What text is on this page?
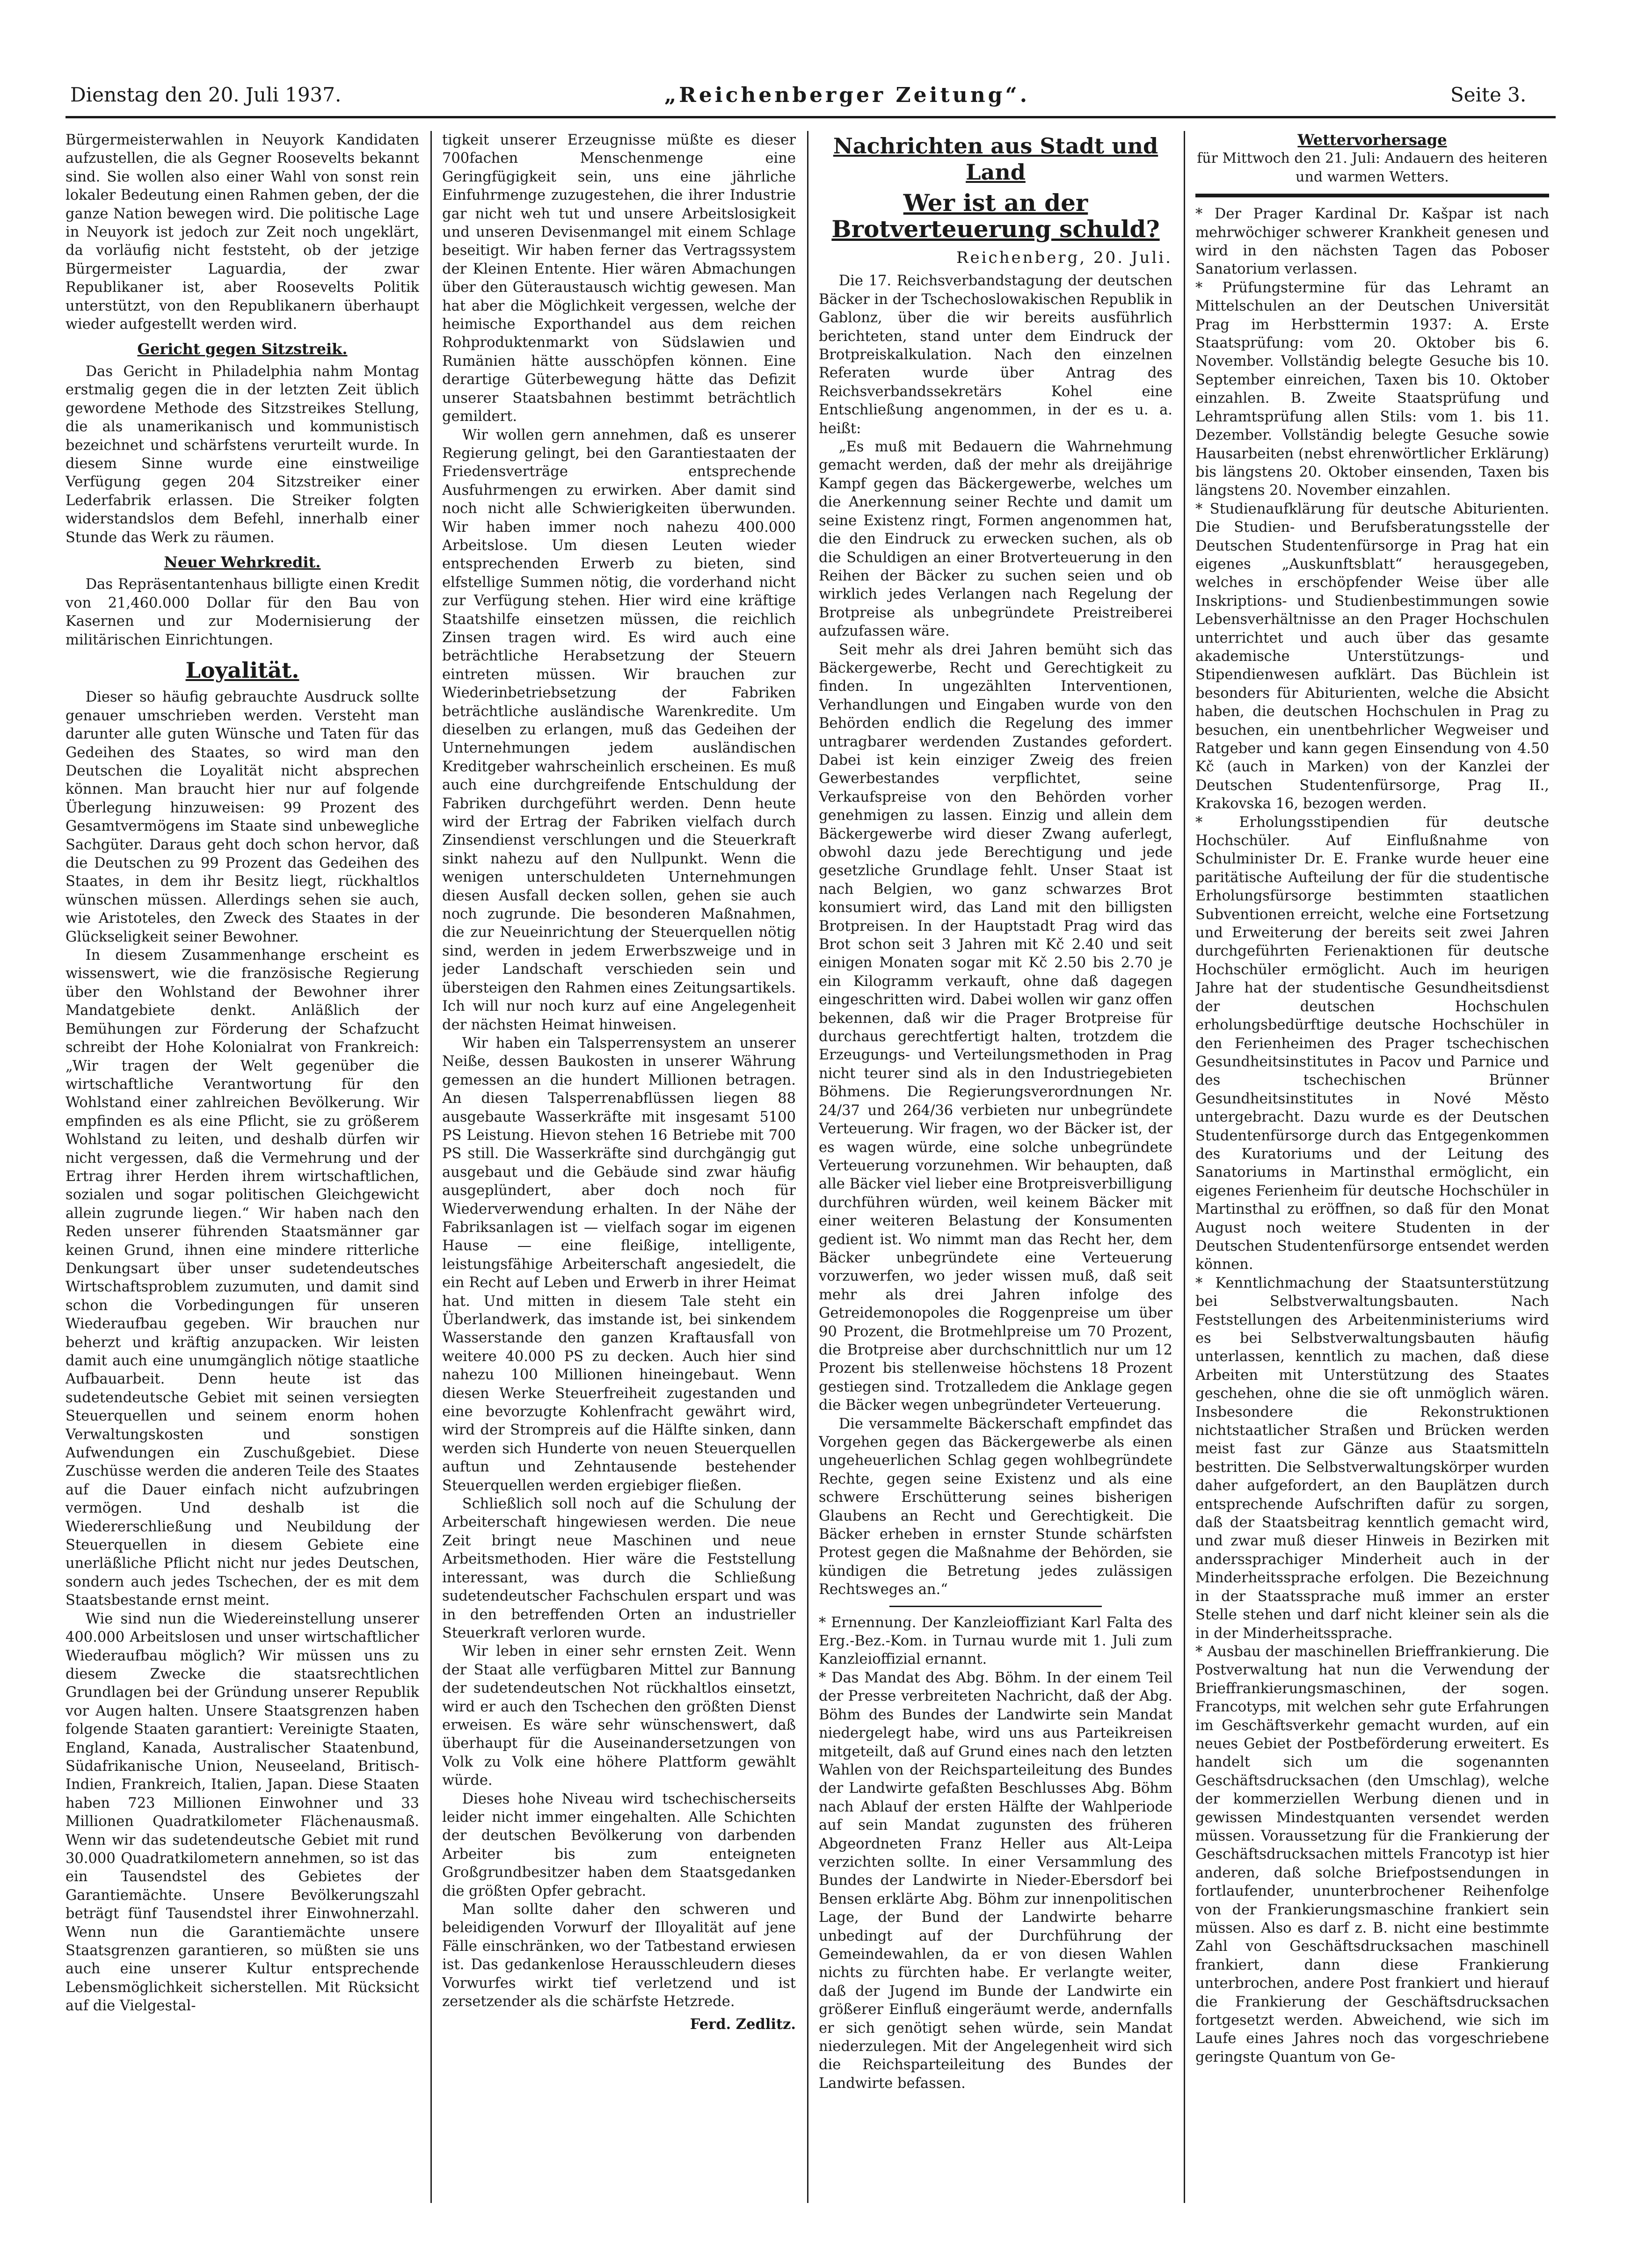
Dienstag den 20. Juli 1937.	„Reichenberger Zeitung“.	Seite 3.

Bürgermeisterwahlen in Neuyork Kandidaten aufzustellen, die als Gegner Roosevelts bekannt sind. Sie wollen also einer Wahl von sonst rein lokaler Bedeutung einen Rahmen geben, der die ganze Nation bewegen wird. Die politische Lage in Neuyork ist jedoch zur Zeit noch ungeklärt, da vorläufig nicht feststeht, ob der jetzige Bürgermeister Laguardia, der zwar Republikaner ist, aber Roosevelts Politik unterstützt, von den Republikanern überhaupt wieder aufgestellt werden wird.

Gericht gegen Sitzstreik.

Das Gericht in Philadelphia nahm Montag erstmalig gegen die in der letzten Zeit üblich gewordene Methode des Sitzstreikes Stellung, die als unamerikanisch und kommunistisch bezeichnet und schärfstens verurteilt wurde. In diesem Sinne wurde eine einstweilige Verfügung gegen 204 Sitzstreiker einer Lederfabrik erlassen. Die Streiker folgten widerstandslos dem Befehl, innerhalb einer Stunde das Werk zu räumen.

Neuer Wehrkredit.

Das Repräsentantenhaus billigte einen Kredit von 21,460.000 Dollar für den Bau von Kasernen und zur Modernisierung der militärischen Einrichtungen.

Loyalität.

Dieser so häufig gebrauchte Ausdruck sollte genauer umschrieben werden. Versteht man darunter alle guten Wünsche und Taten für das Gedeihen des Staates, so wird man den Deutschen die Loyalität nicht absprechen können. Man braucht hier nur auf folgende Überlegung hinzuweisen: 99 Prozent des Gesamtvermögens im Staate sind unbewegliche Sachgüter. Daraus geht doch schon hervor, daß die Deutschen zu 99 Prozent das Gedeihen des Staates, in dem ihr Besitz liegt, rückhaltlos wünschen müssen. Allerdings sehen sie auch, wie Aristoteles, den Zweck des Staates in der Glückseligkeit seiner Bewohner.

In diesem Zusammenhange erscheint es wissenswert, wie die französische Regierung über den Wohlstand der Bewohner ihrer Mandatgebiete denkt. Anläßlich der Bemühungen zur Förderung der Schafzucht schreibt der Hohe Kolonialrat von Frankreich: „Wir tragen der Welt gegenüber die wirtschaftliche Verantwortung für den Wohlstand einer zahlreichen Bevölkerung. Wir empfinden es als eine Pflicht, sie zu größerem Wohlstand zu leiten, und deshalb dürfen wir nicht vergessen, daß die Vermehrung und der Ertrag ihrer Herden ihrem wirtschaftlichen, sozialen und sogar politischen Gleichgewicht allein zugrunde liegen.“ Wir haben nach den Reden unserer führenden Staatsmänner gar keinen Grund, ihnen eine mindere ritterliche Denkungsart über unser sudetendeutsches Wirtschaftsproblem zuzumuten, und damit sind schon die Vorbedingungen für unseren Wiederaufbau gegeben. Wir brauchen nur beherzt und kräftig anzupacken. Wir leisten damit auch eine unumgänglich nötige staatliche Aufbauarbeit. Denn heute ist das sudetendeutsche Gebiet mit seinen versiegten Steuerquellen und seinem enorm hohen Verwaltungskosten und sonstigen Aufwendungen ein Zuschußgebiet. Diese Zuschüsse werden die anderen Teile des Staates auf die Dauer einfach nicht aufzubringen vermögen. Und deshalb ist die Wiedererschließung und Neubildung der Steuerquellen in diesem Gebiete eine unerläßliche Pflicht nicht nur jedes Deutschen, sondern auch jedes Tschechen, der es mit dem Staatsbestande ernst meint.

Wie sind nun die Wiedereinstellung unserer 400.000 Arbeitslosen und unser wirtschaftlicher Wiederaufbau möglich? Wir müssen uns zu diesem Zwecke die staatsrechtlichen Grundlagen bei der Gründung unserer Republik vor Augen halten. Unsere Staatsgrenzen haben folgende Staaten garantiert: Vereinigte Staaten, England, Kanada, Australischer Staatenbund, Südafrikanische Union, Neuseeland, Britisch-Indien, Frankreich, Italien, Japan. Diese Staaten haben 723 Millionen Einwohner und 33 Millionen Quadratkilometer Flächenausmaß. Wenn wir das sudetendeutsche Gebiet mit rund 30.000 Quadratkilometern annehmen, so ist das ein Tausendstel des Gebietes der Garantiemächte. Unsere Bevölkerungszahl beträgt fünf Tausendstel ihrer Einwohnerzahl. Wenn nun die Garantiemächte unsere Staatsgrenzen garantieren, so müßten sie uns auch eine unserer Kultur entsprechende Lebensmöglichkeit sicherstellen. Mit Rücksicht auf die Vielgestal-

tigkeit unserer Erzeugnisse müßte es dieser 700fachen Menschenmenge eine Geringfügigkeit sein, uns eine jährliche Einfuhrmenge zuzugestehen, die ihrer Industrie gar nicht weh tut und unsere Arbeitslosigkeit und unseren Devisenmangel mit einem Schlage beseitigt. Wir haben ferner das Vertragssystem der Kleinen Entente. Hier wären Abmachungen über den Güteraustausch wichtig gewesen. Man hat aber die Möglichkeit vergessen, welche der heimische Exporthandel aus dem reichen Rohproduktenmarkt von Südslawien und Rumänien hätte ausschöpfen können. Eine derartige Güterbewegung hätte das Defizit unserer Staatsbahnen bestimmt beträchtlich gemildert.

Wir wollen gern annehmen, daß es unserer Regierung gelingt, bei den Garantiestaaten der Friedensverträge entsprechende Ausfuhrmengen zu erwirken. Aber damit sind noch nicht alle Schwierigkeiten überwunden. Wir haben immer noch nahezu 400.000 Arbeitslose. Um diesen Leuten wieder entsprechenden Erwerb zu bieten, sind elfstellige Summen nötig, die vorderhand nicht zur Verfügung stehen. Hier wird eine kräftige Staatshilfe einsetzen müssen, die reichlich Zinsen tragen wird. Es wird auch eine beträchtliche Herabsetzung der Steuern eintreten müssen. Wir brauchen zur Wiederinbetriebsetzung der Fabriken beträchtliche ausländische Warenkredite. Um dieselben zu erlangen, muß das Gedeihen der Unternehmungen jedem ausländischen Kreditgeber wahrscheinlich erscheinen. Es muß auch eine durchgreifende Entschuldung der Fabriken durchgeführt werden. Denn heute wird der Ertrag der Fabriken vielfach durch Zinsendienst verschlungen und die Steuerkraft sinkt nahezu auf den Nullpunkt. Wenn die wenigen unterschuldeten Unternehmungen diesen Ausfall decken sollen, gehen sie auch noch zugrunde. Die besonderen Maßnahmen, die zur Neueinrichtung der Steuerquellen nötig sind, werden in jedem Erwerbszweige und in jeder Landschaft verschieden sein und übersteigen den Rahmen eines Zeitungsartikels. Ich will nur noch kurz auf eine Angelegenheit der nächsten Heimat hinweisen.

Wir haben ein Talsperrensystem an unserer Neiße, dessen Baukosten in unserer Währung gemessen an die hundert Millionen betragen. An diesen Talsperrenabflüssen liegen 88 ausgebaute Wasserkräfte mit insgesamt 5100 PS Leistung. Hievon stehen 16 Betriebe mit 700 PS still. Die Wasserkräfte sind durchgängig gut ausgebaut und die Gebäude sind zwar häufig ausgeplündert, aber doch noch für Wiederverwendung erhalten. In der Nähe der Fabriksanlagen ist — vielfach sogar im eigenen Hause — eine fleißige, intelligente, leistungsfähige Arbeiterschaft angesiedelt, die ein Recht auf Leben und Erwerb in ihrer Heimat hat. Und mitten in diesem Tale steht ein Überlandwerk, das imstande ist, bei sinkendem Wasserstande den ganzen Kraftausfall von weitere 40.000 PS zu decken. Auch hier sind nahezu 100 Millionen hineingebaut. Wenn diesen Werke Steuerfreiheit zugestanden und eine bevorzugte Kohlenfracht gewährt wird, wird der Strompreis auf die Hälfte sinken, dann werden sich Hunderte von neuen Steuerquellen auftun und Zehntausende bestehender Steuerquellen werden ergiebiger fließen.

Schließlich soll noch auf die Schulung der Arbeiterschaft hingewiesen werden. Die neue Zeit bringt neue Maschinen und neue Arbeitsmethoden. Hier wäre die Feststellung interessant, was durch die Schließung sudetendeutscher Fachschulen erspart und was in den betreffenden Orten an industrieller Steuerkraft verloren wurde.

Wir leben in einer sehr ernsten Zeit. Wenn der Staat alle verfügbaren Mittel zur Bannung der sudetendeutschen Not rückhaltlos einsetzt, wird er auch den Tschechen den größten Dienst erweisen. Es wäre sehr wünschenswert, daß überhaupt für die Auseinandersetzungen von Volk zu Volk eine höhere Plattform gewählt würde.

Dieses hohe Niveau wird tschechischerseits leider nicht immer eingehalten. Alle Schichten der deutschen Bevölkerung von darbenden Arbeiter bis zum enteigneten Großgrundbesitzer haben dem Staatsgedanken die größten Opfer gebracht.

Man sollte daher den schweren und beleidigenden Vorwurf der Illoyalität auf jene Fälle einschränken, wo der Tatbestand erwiesen ist. Das gedankenlose Herausschleudern dieses Vorwurfes wirkt tief verletzend und ist zersetzender als die schärfste Hetzrede.

Ferd. Zedlitz.
Nachrichten aus Stadt und Land
Wer ist an der Brotverteuerung schuld?
Reichenberg, 20. Juli.

Die 17. Reichsverbandstagung der deutschen Bäcker in der Tschechoslowakischen Republik in Gablonz, über die wir bereits ausführlich berichteten, stand unter dem Eindruck der Brotpreiskalkulation. Nach den einzelnen Referaten wurde über Antrag des Reichsverbandssekretärs Kohel eine Entschließung angenommen, in der es u. a. heißt:

„Es muß mit Bedauern die Wahrnehmung gemacht werden, daß der mehr als dreijährige Kampf gegen das Bäckergewerbe, welches um die Anerkennung seiner Rechte und damit um seine Existenz ringt, Formen angenommen hat, die den Eindruck zu erwecken suchen, als ob die Schuldigen an einer Brotverteuerung in den Reihen der Bäcker zu suchen seien und ob wirklich jedes Verlangen nach Regelung der Brotpreise als unbegründete Preistreiberei aufzufassen wäre.

Seit mehr als drei Jahren bemüht sich das Bäckergewerbe, Recht und Gerechtigkeit zu finden. In ungezählten Interventionen, Verhandlungen und Eingaben wurde von den Behörden endlich die Regelung des immer untragbarer werdenden Zustandes gefordert. Dabei ist kein einziger Zweig des freien Gewerbestandes verpflichtet, seine Verkaufspreise von den Behörden vorher genehmigen zu lassen. Einzig und allein dem Bäckergewerbe wird dieser Zwang auferlegt, obwohl dazu jede Berechtigung und jede gesetzliche Grundlage fehlt. Unser Staat ist nach Belgien, wo ganz schwarzes Brot konsumiert wird, das Land mit den billigsten Brotpreisen. In der Hauptstadt Prag wird das Brot schon seit 3 Jahren mit Kč 2.40 und seit einigen Monaten sogar mit Kč 2.50 bis 2.70 je ein Kilogramm verkauft, ohne daß dagegen eingeschritten wird. Dabei wollen wir ganz offen bekennen, daß wir die Prager Brotpreise für durchaus gerechtfertigt halten, trotzdem die Erzeugungs- und Verteilungsmethoden in Prag nicht teurer sind als in den Industriegebieten Böhmens. Die Regierungsverordnungen Nr. 24/37 und 264/36 verbieten nur unbegründete Verteuerung. Wir fragen, wo der Bäcker ist, der es wagen würde, eine solche unbegründete Verteuerung vorzunehmen. Wir behaupten, daß alle Bäcker viel lieber eine Brotpreisverbilligung durchführen würden, weil keinem Bäcker mit einer weiteren Belastung der Konsumenten gedient ist. Wo nimmt man das Recht her, dem Bäcker unbegründete eine Verteuerung vorzuwerfen, wo jeder wissen muß, daß seit mehr als drei Jahren infolge des Getreidemonopoles die Roggenpreise um über 90 Prozent, die Brotmehlpreise um 70 Prozent, die Brotpreise aber durchschnittlich nur um 12 Prozent bis stellenweise höchstens 18 Prozent gestiegen sind. Trotzalledem die Anklage gegen die Bäcker wegen unbegründeter Verteuerung.

Die versammelte Bäckerschaft empfindet das Vorgehen gegen das Bäckergewerbe als einen ungeheuerlichen Schlag gegen wohlbegründete Rechte, gegen seine Existenz und als eine schwere Erschütterung seines bisherigen Glaubens an Recht und Gerechtigkeit. Die Bäcker erheben in ernster Stunde schärfsten Protest gegen die Maßnahme der Behörden, sie kündigen die Betretung jedes zulässigen Rechtsweges an.“

* Ernennung. Der Kanzleioffiziant Karl Falta des Erg.-Bez.-Kom. in Turnau wurde mit 1. Juli zum Kanzleioffizial ernannt.

* Das Mandat des Abg. Böhm. In der einem Teil der Presse verbreiteten Nachricht, daß der Abg. Böhm des Bundes der Landwirte sein Mandat niedergelegt habe, wird uns aus Parteikreisen mitgeteilt, daß auf Grund eines nach den letzten Wahlen von der Reichsparteileitung des Bundes der Landwirte gefaßten Beschlusses Abg. Böhm nach Ablauf der ersten Hälfte der Wahlperiode auf sein Mandat zugunsten des früheren Abgeordneten Franz Heller aus Alt-Leipa verzichten sollte. In einer Versammlung des Bundes der Landwirte in Nieder-Ebersdorf bei Bensen erklärte Abg. Böhm zur innenpolitischen Lage, der Bund der Landwirte beharre unbedingt auf der Durchführung der Gemeindewahlen, da er von diesen Wahlen nichts zu fürchten habe. Er verlangte weiter, daß der Jugend im Bunde der Landwirte ein größerer Einfluß eingeräumt werde, andernfalls er sich genötigt sehen würde, sein Mandat niederzulegen. Mit der Angelegenheit wird sich die Reichsparteileitung des Bundes der Landwirte befassen.

Wettervorhersage
für Mittwoch den 21. Juli: Andauern des heiteren und warmen Wetters.

* Der Prager Kardinal Dr. Kašpar ist nach mehrwöchiger schwerer Krankheit genesen und wird in den nächsten Tagen das Poboser Sanatorium verlassen.

* Prüfungstermine für das Lehramt an Mittelschulen an der Deutschen Universität Prag im Herbsttermin 1937: A. Erste Staatsprüfung: vom 20. Oktober bis 6. November. Vollständig belegte Gesuche bis 10. September einreichen, Taxen bis 10. Oktober einzahlen. B. Zweite Staatsprüfung und Lehramtsprüfung allen Stils: vom 1. bis 11. Dezember. Vollständig belegte Gesuche sowie Hausarbeiten (nebst ehrenwörtlicher Erklärung) bis längstens 20. Oktober einsenden, Taxen bis längstens 20. November einzahlen.

* Studienaufklärung für deutsche Abiturienten. Die Studien- und Berufsberatungsstelle der Deutschen Studentenfürsorge in Prag hat ein eigenes „Auskunftsblatt“ herausgegeben, welches in erschöpfender Weise über alle Inskriptions- und Studienbestimmungen sowie Lebensverhältnisse an den Prager Hochschulen unterrichtet und auch über das gesamte akademische Unterstützungs- und Stipendienwesen aufklärt. Das Büchlein ist besonders für Abiturienten, welche die Absicht haben, die deutschen Hochschulen in Prag zu besuchen, ein unentbehrlicher Wegweiser und Ratgeber und kann gegen Einsendung von 4.50 Kč (auch in Marken) von der Kanzlei der Deutschen Studentenfürsorge, Prag II., Krakovska 16, bezogen werden.

* Erholungsstipendien für deutsche Hochschüler. Auf Einflußnahme von Schulminister Dr. E. Franke wurde heuer eine paritätische Aufteilung der für die studentische Erholungsfürsorge bestimmten staatlichen Subventionen erreicht, welche eine Fortsetzung und Erweiterung der bereits seit zwei Jahren durchgeführten Ferienaktionen für deutsche Hochschüler ermöglicht. Auch im heurigen Jahre hat der studentische Gesundheitsdienst der deutschen Hochschulen erholungsbedürftige deutsche Hochschüler in den Ferienheimen des Prager tschechischen Gesundheitsinstitutes in Pacov und Parnice und des tschechischen Brünner Gesundheitsinstitutes in Nové Město untergebracht. Dazu wurde es der Deutschen Studentenfürsorge durch das Entgegenkommen des Kuratoriums und der Leitung des Sanatoriums in Martinsthal ermöglicht, ein eigenes Ferienheim für deutsche Hochschüler in Martinsthal zu eröffnen, so daß für den Monat August noch weitere Studenten in der Deutschen Studentenfürsorge entsendet werden können.

* Kenntlichmachung der Staatsunterstützung bei Selbstverwaltungsbauten. Nach Feststellungen des Arbeitenministeriums wird es bei Selbstverwaltungsbauten häufig unterlassen, kenntlich zu machen, daß diese Arbeiten mit Unterstützung des Staates geschehen, ohne die sie oft unmöglich wären. Insbesondere die Rekonstruktionen nichtstaatlicher Straßen und Brücken werden meist fast zur Gänze aus Staatsmitteln bestritten. Die Selbstverwaltungskörper wurden daher aufgefordert, an den Bauplätzen durch entsprechende Aufschriften dafür zu sorgen, daß der Staatsbeitrag kenntlich gemacht wird, und zwar muß dieser Hinweis in Bezirken mit anderssprachiger Minderheit auch in der Minderheitssprache erfolgen. Die Bezeichnung in der Staatssprache muß immer an erster Stelle stehen und darf nicht kleiner sein als die in der Minderheitssprache.

* Ausbau der maschinellen Brieffrankierung. Die Postverwaltung hat nun die Verwendung der Brieffrankierungsmaschinen, der sogen. Francotyps, mit welchen sehr gute Erfahrungen im Geschäftsverkehr gemacht wurden, auf ein neues Gebiet der Postbeförderung erweitert. Es handelt sich um die sogenannten Geschäftsdrucksachen (den Umschlag), welche der kommerziellen Werbung dienen und in gewissen Mindestquanten versendet werden müssen. Voraussetzung für die Frankierung der Geschäftsdrucksachen mittels Francotyp ist hier anderen, daß solche Briefpostsendungen in fortlaufender, ununterbrochener Reihenfolge von der Frankierungsmaschine frankiert sein müssen. Also es darf z. B. nicht eine bestimmte Zahl von Geschäftsdrucksachen maschinell frankiert, dann diese Frankierung unterbrochen, andere Post frankiert und hierauf die Frankierung der Geschäftsdrucksachen fortgesetzt werden. Abweichend, wie sich im Laufe eines Jahres noch das vorgeschriebene geringste Quantum von Ge-
